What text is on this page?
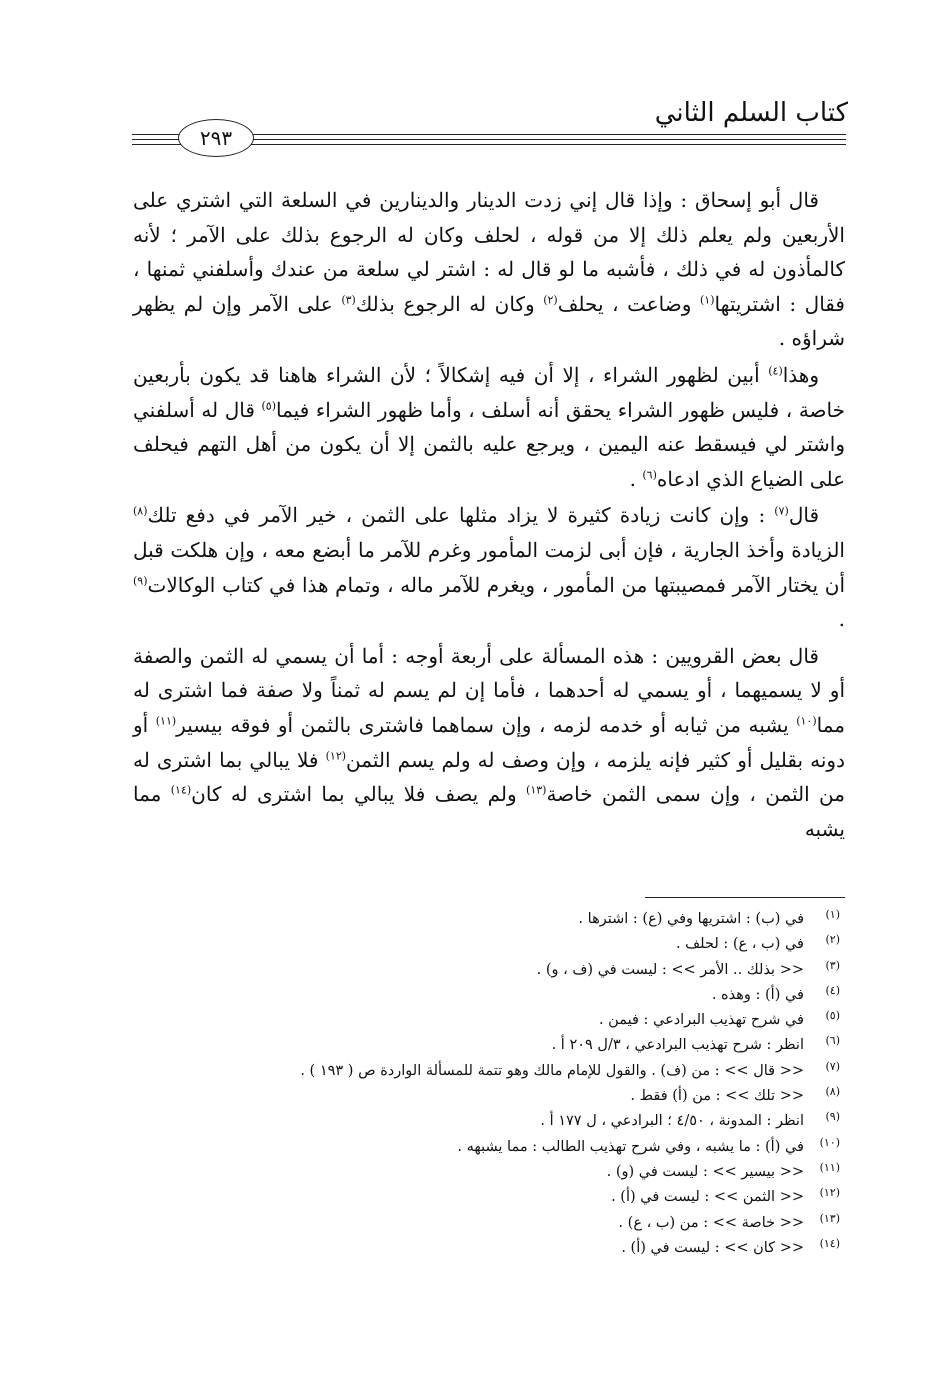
كتاب السلم الثاني
٢٩٣

قال أبو إسحاق : وإذا قال إني زدت الدينار والدينارين في السلعة التي اشتري على الأربعين ولم يعلم ذلك إلا من قوله ، لحلف وكان له الرجوع بذلك على الآمر ؛ لأنه كالمأذون له في ذلك ، فأشبه ما لو قال له : اشتر لي سلعة من عندك وأسلفني ثمنها ، فقال : اشتريتها$^{(١)}$ وضاعت ، يحلف$^{(٢)}$ وكان له الرجوع بذلك$^{(٣)}$ على الآمر وإن لم يظهر شراؤه .

وهذا$^{(٤)}$ أبين لظهور الشراء ، إلا أن فيه إشكالاً ؛ لأن الشراء هاهنا قد يكون بأربعين خاصة ، فليس ظهور الشراء يحقق أنه أسلف ، وأما ظهور الشراء فيما$^{(٥)}$ قال له أسلفني واشتر لي فيسقط عنه اليمين ، ويرجع عليه بالثمن إلا أن يكون من أهل التهم فيحلف على الضياع الذي ادعاه$^{(٦)}$ .

قال$^{(٧)}$ : وإن كانت زيادة كثيرة لا يزاد مثلها على الثمن ، خير الآمر في دفع تلك$^{(٨)}$ الزيادة وأخذ الجارية ، فإن أبى لزمت المأمور وغرم للآمر ما أبضع معه ، وإن هلكت قبل أن يختار الآمر فمصيبتها من المأمور ، ويغرم للآمر ماله ، وتمام هذا في كتاب الوكالات$^{(٩)}$ .

قال بعض القرويين : هذه المسألة على أربعة أوجه : أما أن يسمي له الثمن والصفة أو لا يسميهما ، أو يسمي له أحدهما ، فأما إن لم يسم له ثمناً ولا صفة فما اشترى له مما$^{(١٠)}$ يشبه من ثيابه أو خدمه لزمه ، وإن سماهما فاشترى بالثمن أو فوقه بيسير$^{(١١)}$ أو دونه بقليل أو كثير فإنه يلزمه ، وإن وصف له ولم يسم الثمن$^{(١٢)}$ فلا يبالي بما اشترى له من الثمن ، وإن سمى الثمن خاصة$^{(١٣)}$ ولم يصف فلا يبالي بما اشترى له كان$^{(١٤)}$ مما يشبه

(١)
في (ب) : اشتريها وفي (ع) : اشترها .
(٢)
في (ب ، ع) : لحلف .
(٣)
<< بذلك .. الأمر >> : ليست في (ف ، و) .
(٤)
في (أ) : وهذه .
(٥)
في شرح تهذيب البرادعي : فيمن .
(٦)
انظر : شرح تهذيب البرادعي ، ٣/ل ٢٠٩ أ .
(٧)
<< قال >> : من (ف) . والقول للإمام مالك وهو تتمة للمسألة الواردة ص ( ١٩٣ ) .
(٨)
<< تلك >> : من (أ) فقط .
(٩)
انظر : المدونة ، ٤/٥٠ ؛ البرادعي ، ل ١٧٧ أ .
(١٠)
في (أ) : ما يشبه ، وفي شرح تهذيب الطالب : مما يشبهه .
(١١)
<< بيسير >> : ليست في (و) .
(١٢)
<< الثمن >> : ليست في (أ) .
(١٣)
<< خاصة >> : من (ب ، ع) .
(١٤)
<< كان >> : ليست في (أ) .
